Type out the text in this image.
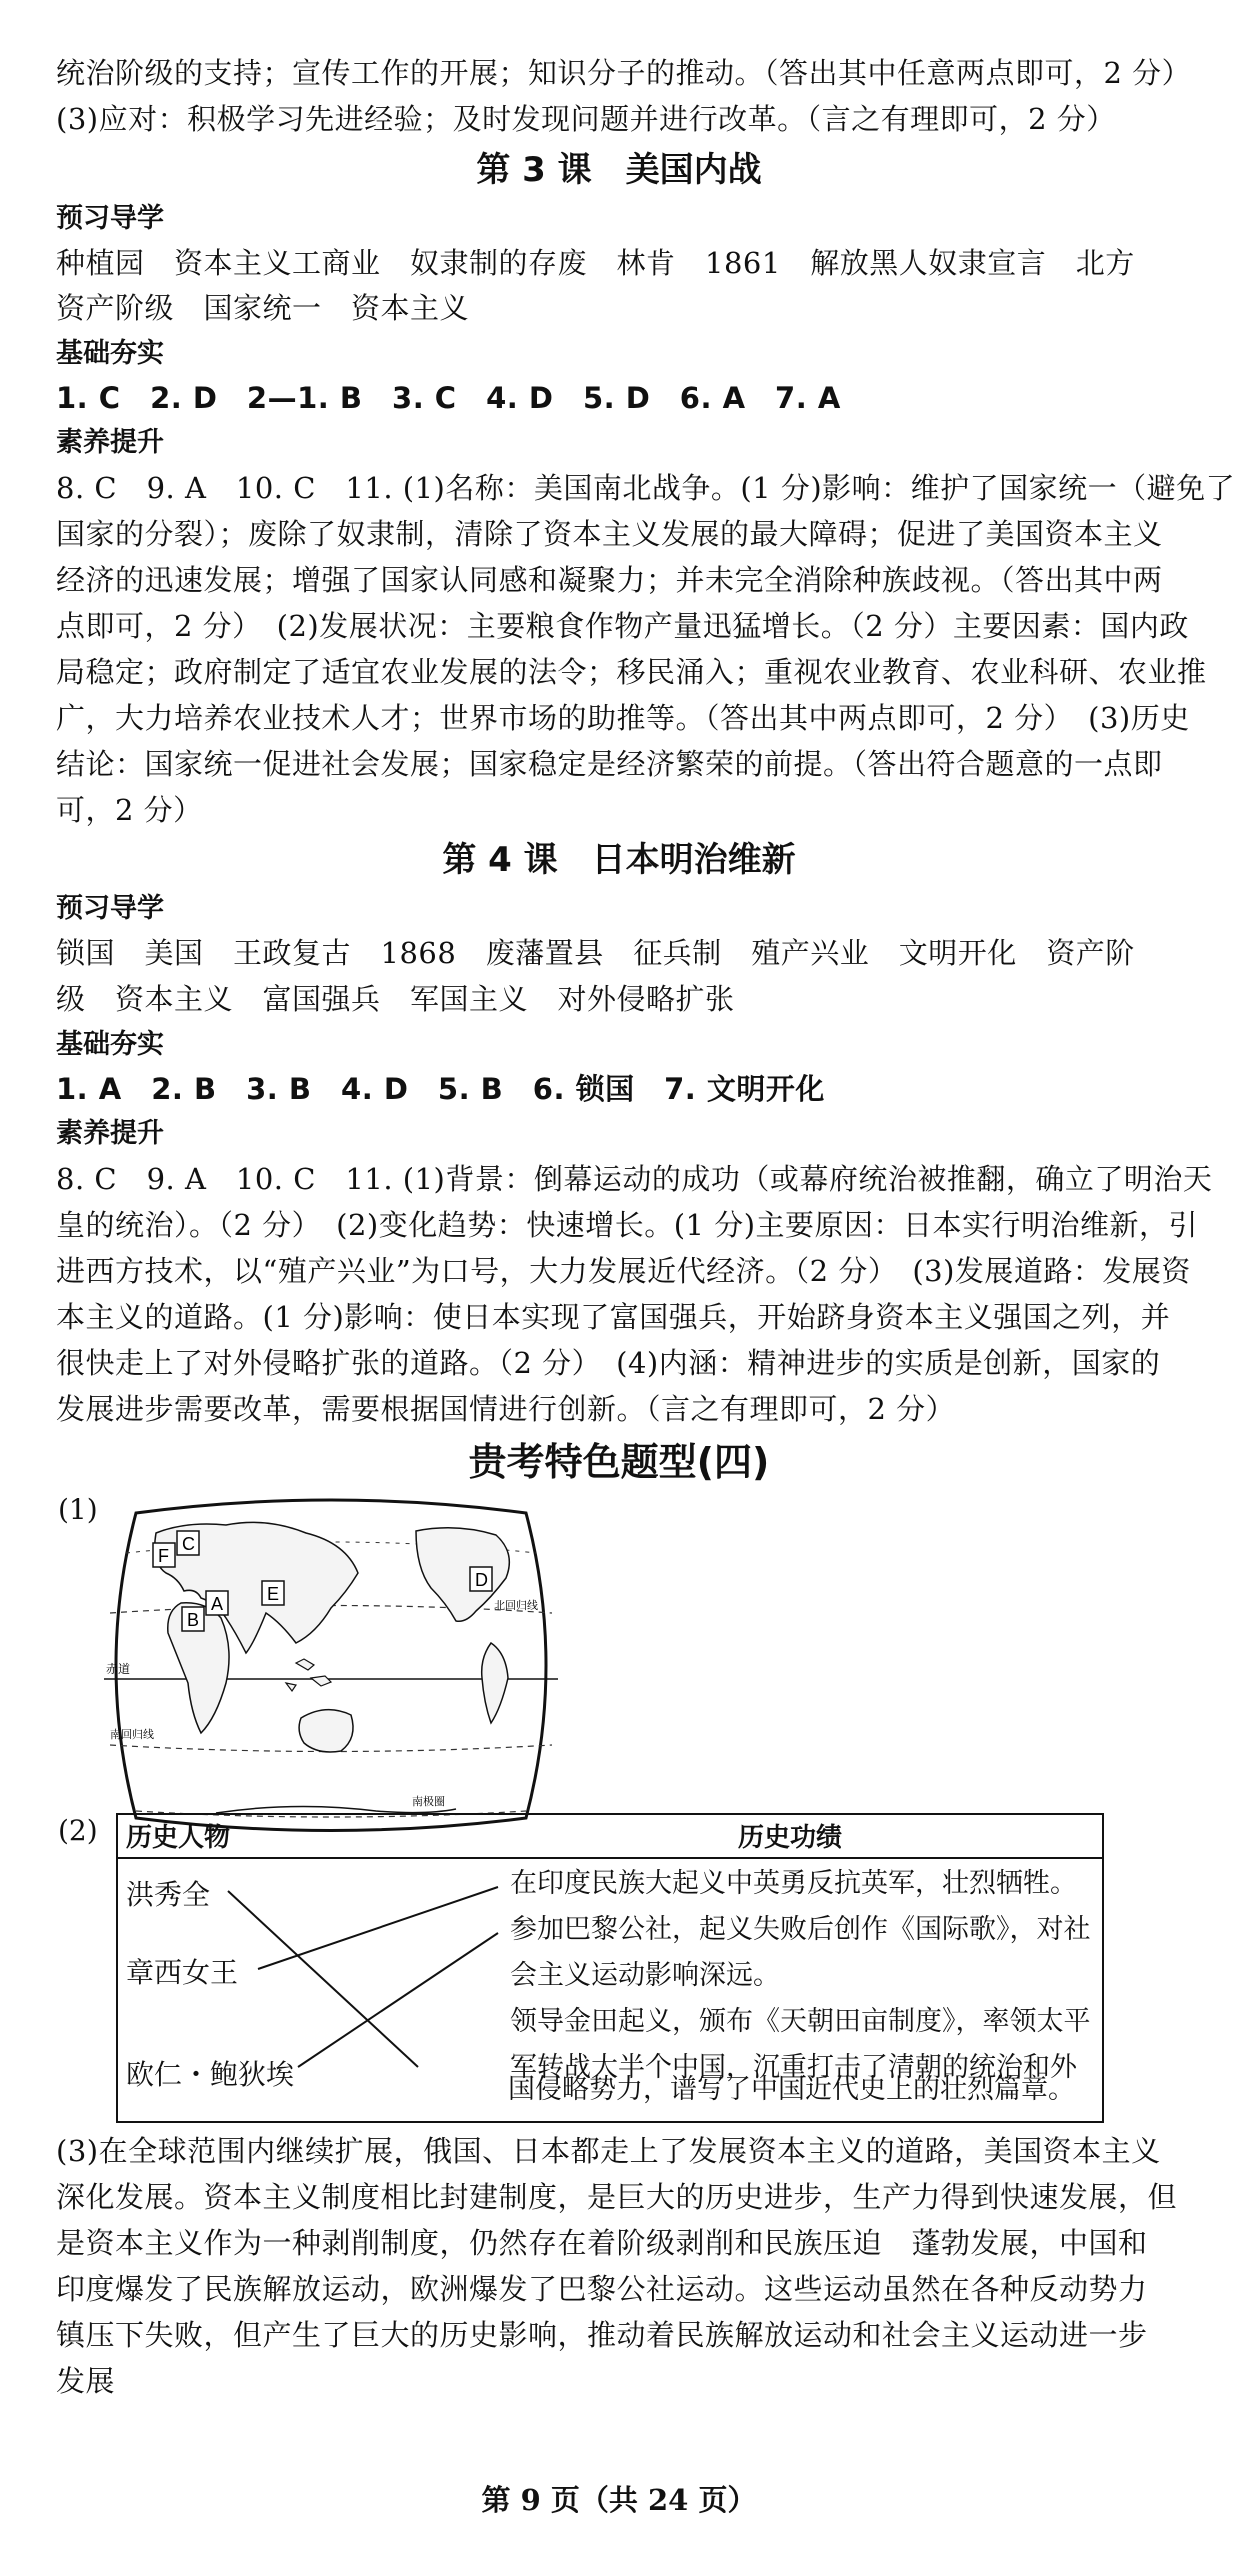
统治阶级的支持；宣传工作的开展；知识分子的推动。（答出其中任意两点即可，2 分）
(3)应对：积极学习先进经验；及时发现问题并进行改革。（言之有理即可，2 分）
第 3 课　美国内战
预习导学
种植园　资本主义工商业　奴隶制的存废　林肯　1861　解放黑人奴隶宣言　北方
资产阶级　国家统一　资本主义
基础夯实
1. C　2. D　2—1. B　3. C　4. D　5. D　6. A　7. A
素养提升
8. C　9. A　10. C　11. (1)名称：美国南北战争。(1 分)影响：维护了国家统一（避免了
国家的分裂）；废除了奴隶制，清除了资本主义发展的最大障碍；促进了美国资本主义
经济的迅速发展；增强了国家认同感和凝聚力；并未完全消除种族歧视。（答出其中两
点即可，2 分）　(2)发展状况：主要粮食作物产量迅猛增长。（2 分）主要因素：国内政
局稳定；政府制定了适宜农业发展的法令；移民涌入；重视农业教育、农业科研、农业推
广，大力培养农业技术人才；世界市场的助推等。（答出其中两点即可，2 分）　(3)历史
结论：国家统一促进社会发展；国家稳定是经济繁荣的前提。（答出符合题意的一点即
可，2 分）
第 4 课　日本明治维新
预习导学
锁国　美国　王政复古　1868　废藩置县　征兵制　殖产兴业　文明开化　资产阶
级　资本主义　富国强兵　军国主义　对外侵略扩张
基础夯实
1. A　2. B　3. B　4. D　5. B　6. 锁国　7. 文明开化
素养提升
8. C　9. A　10. C　11. (1)背景：倒幕运动的成功（或幕府统治被推翻，确立了明治天
皇的统治）。（2 分）　(2)变化趋势：快速增长。(1 分)主要原因：日本实行明治维新，引
进西方技术，以“殖产兴业”为口号，大力发展近代经济。（2 分）　(3)发展道路：发展资
本主义的道路。(1 分)影响：使日本实现了富国强兵，开始跻身资本主义强国之列，并
很快走上了对外侵略扩张的道路。（2 分）　(4)内涵：精神进步的实质是创新，国家的
发展进步需要改革，需要根据国情进行创新。（言之有理即可，2 分）
贵考特色题型(四)
(1)
F
C
A
B
E
D
赤道
北回归线
南回归线
南极圈
(2) 历史人物	历史功绩
洪秀全
章西女王
欧仁・鲍狄埃
在印度民族大起义中英勇反抗英军，壮烈牺牲。
参加巴黎公社，起义失败后创作《国际歌》，对社
会主义运动影响深远。
领导金田起义，颁布《天朝田亩制度》，率领太平
军转战大半个中国，沉重打击了清朝的统治和外
国侵略势力，谱写了中国近代史上的壮烈篇章。
(3)在全球范围内继续扩展，俄国、日本都走上了发展资本主义的道路，美国资本主义
深化发展。资本主义制度相比封建制度，是巨大的历史进步，生产力得到快速发展，但
是资本主义作为一种剥削制度，仍然存在着阶级剥削和民族压迫　蓬勃发展，中国和
印度爆发了民族解放运动，欧洲爆发了巴黎公社运动。这些运动虽然在各种反动势力
镇压下失败，但产生了巨大的历史影响，推动着民族解放运动和社会主义运动进一步
发展
第 9 页（共 24 页）
